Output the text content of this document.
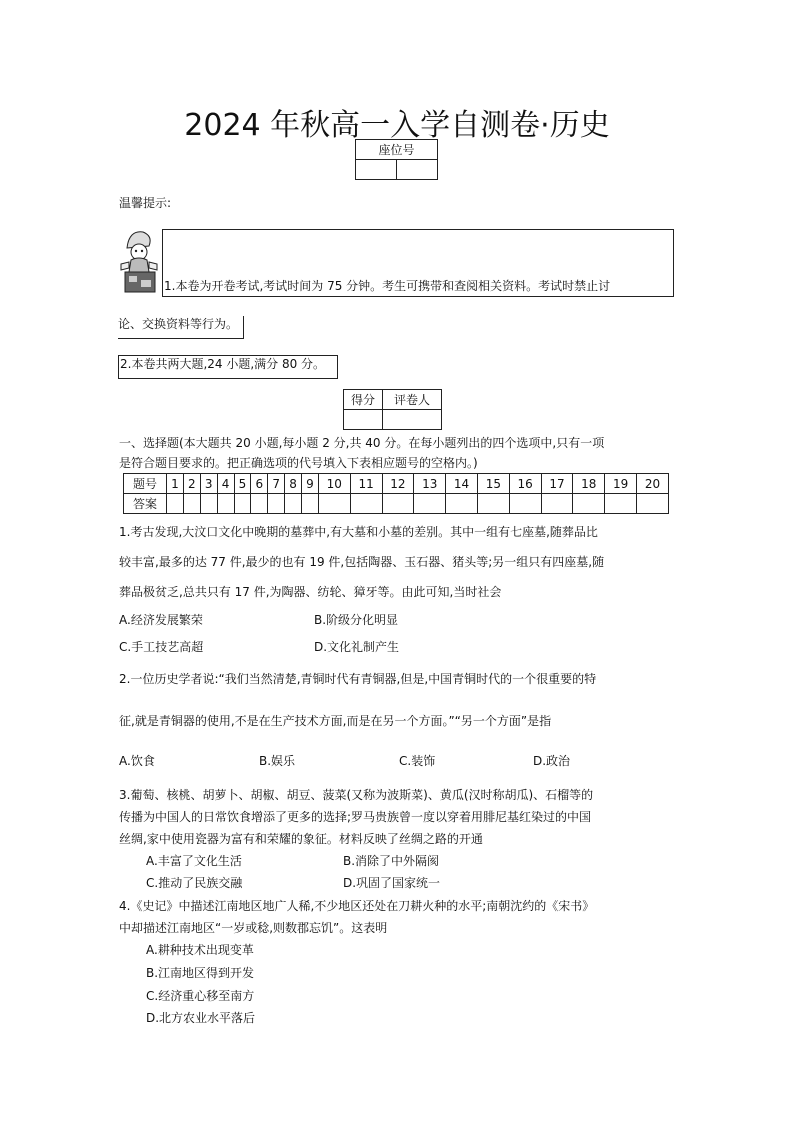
2024 年秋高一入学自测卷·历史
座位号

温馨提示:
1.本卷为开卷考试,考试时间为 75 分钟。考生可携带和查阅相关资料。考试时禁止讨
论、交换资料等行为。
2.本卷共两大题,24 小题,满分 80 分。
得分	评卷人

一、选择题(本大题共 20 小题,每小题 2 分,共 40 分。在每小题列出的四个选项中,只有一项
是符合题目要求的。把正确选项的代号填入下表相应题号的空格内。)
题号	1	2	3	4	5	6	7	8	9	10	11	12	13	14	15	16	17	18	19	20
答案																				
1.考古发现,大汶口文化中晚期的墓葬中,有大墓和小墓的差别。其中一组有七座墓,随葬品比
较丰富,最多的达 77 件,最少的也有 19 件,包括陶器、玉石器、猪头等;另一组只有四座墓,随
葬品极贫乏,总共只有 17 件,为陶器、纺轮、獐牙等。由此可知,当时社会
A.经济发展繁荣	B.阶级分化明显
C.手工技艺高超	D.文化礼制产生
2.一位历史学者说:“我们当然清楚,青铜时代有青铜器,但是,中国青铜时代的一个很重要的特
征,就是青铜器的使用,不是在生产技术方面,而是在另一个方面。”“另一个方面”是指
A.饮食	B.娱乐	C.装饰	D.政治
3.葡萄、核桃、胡萝卜、胡椒、胡豆、菠菜(又称为波斯菜)、黄瓜(汉时称胡瓜)、石榴等的
传播为中国人的日常饮食增添了更多的选择;罗马贵族曾一度以穿着用腓尼基红染过的中国
丝绸,家中使用瓷器为富有和荣耀的象征。材料反映了丝绸之路的开通
A.丰富了文化生活	B.消除了中外隔阂
C.推动了民族交融	D.巩固了国家统一
4.《史记》中描述江南地区地广人稀,不少地区还处在刀耕火种的水平;南朝沈约的《宋书》
中却描述江南地区“一岁或稔,则数郡忘饥”。这表明
A.耕种技术出现变革
B.江南地区得到开发
C.经济重心移至南方
D.北方农业水平落后
